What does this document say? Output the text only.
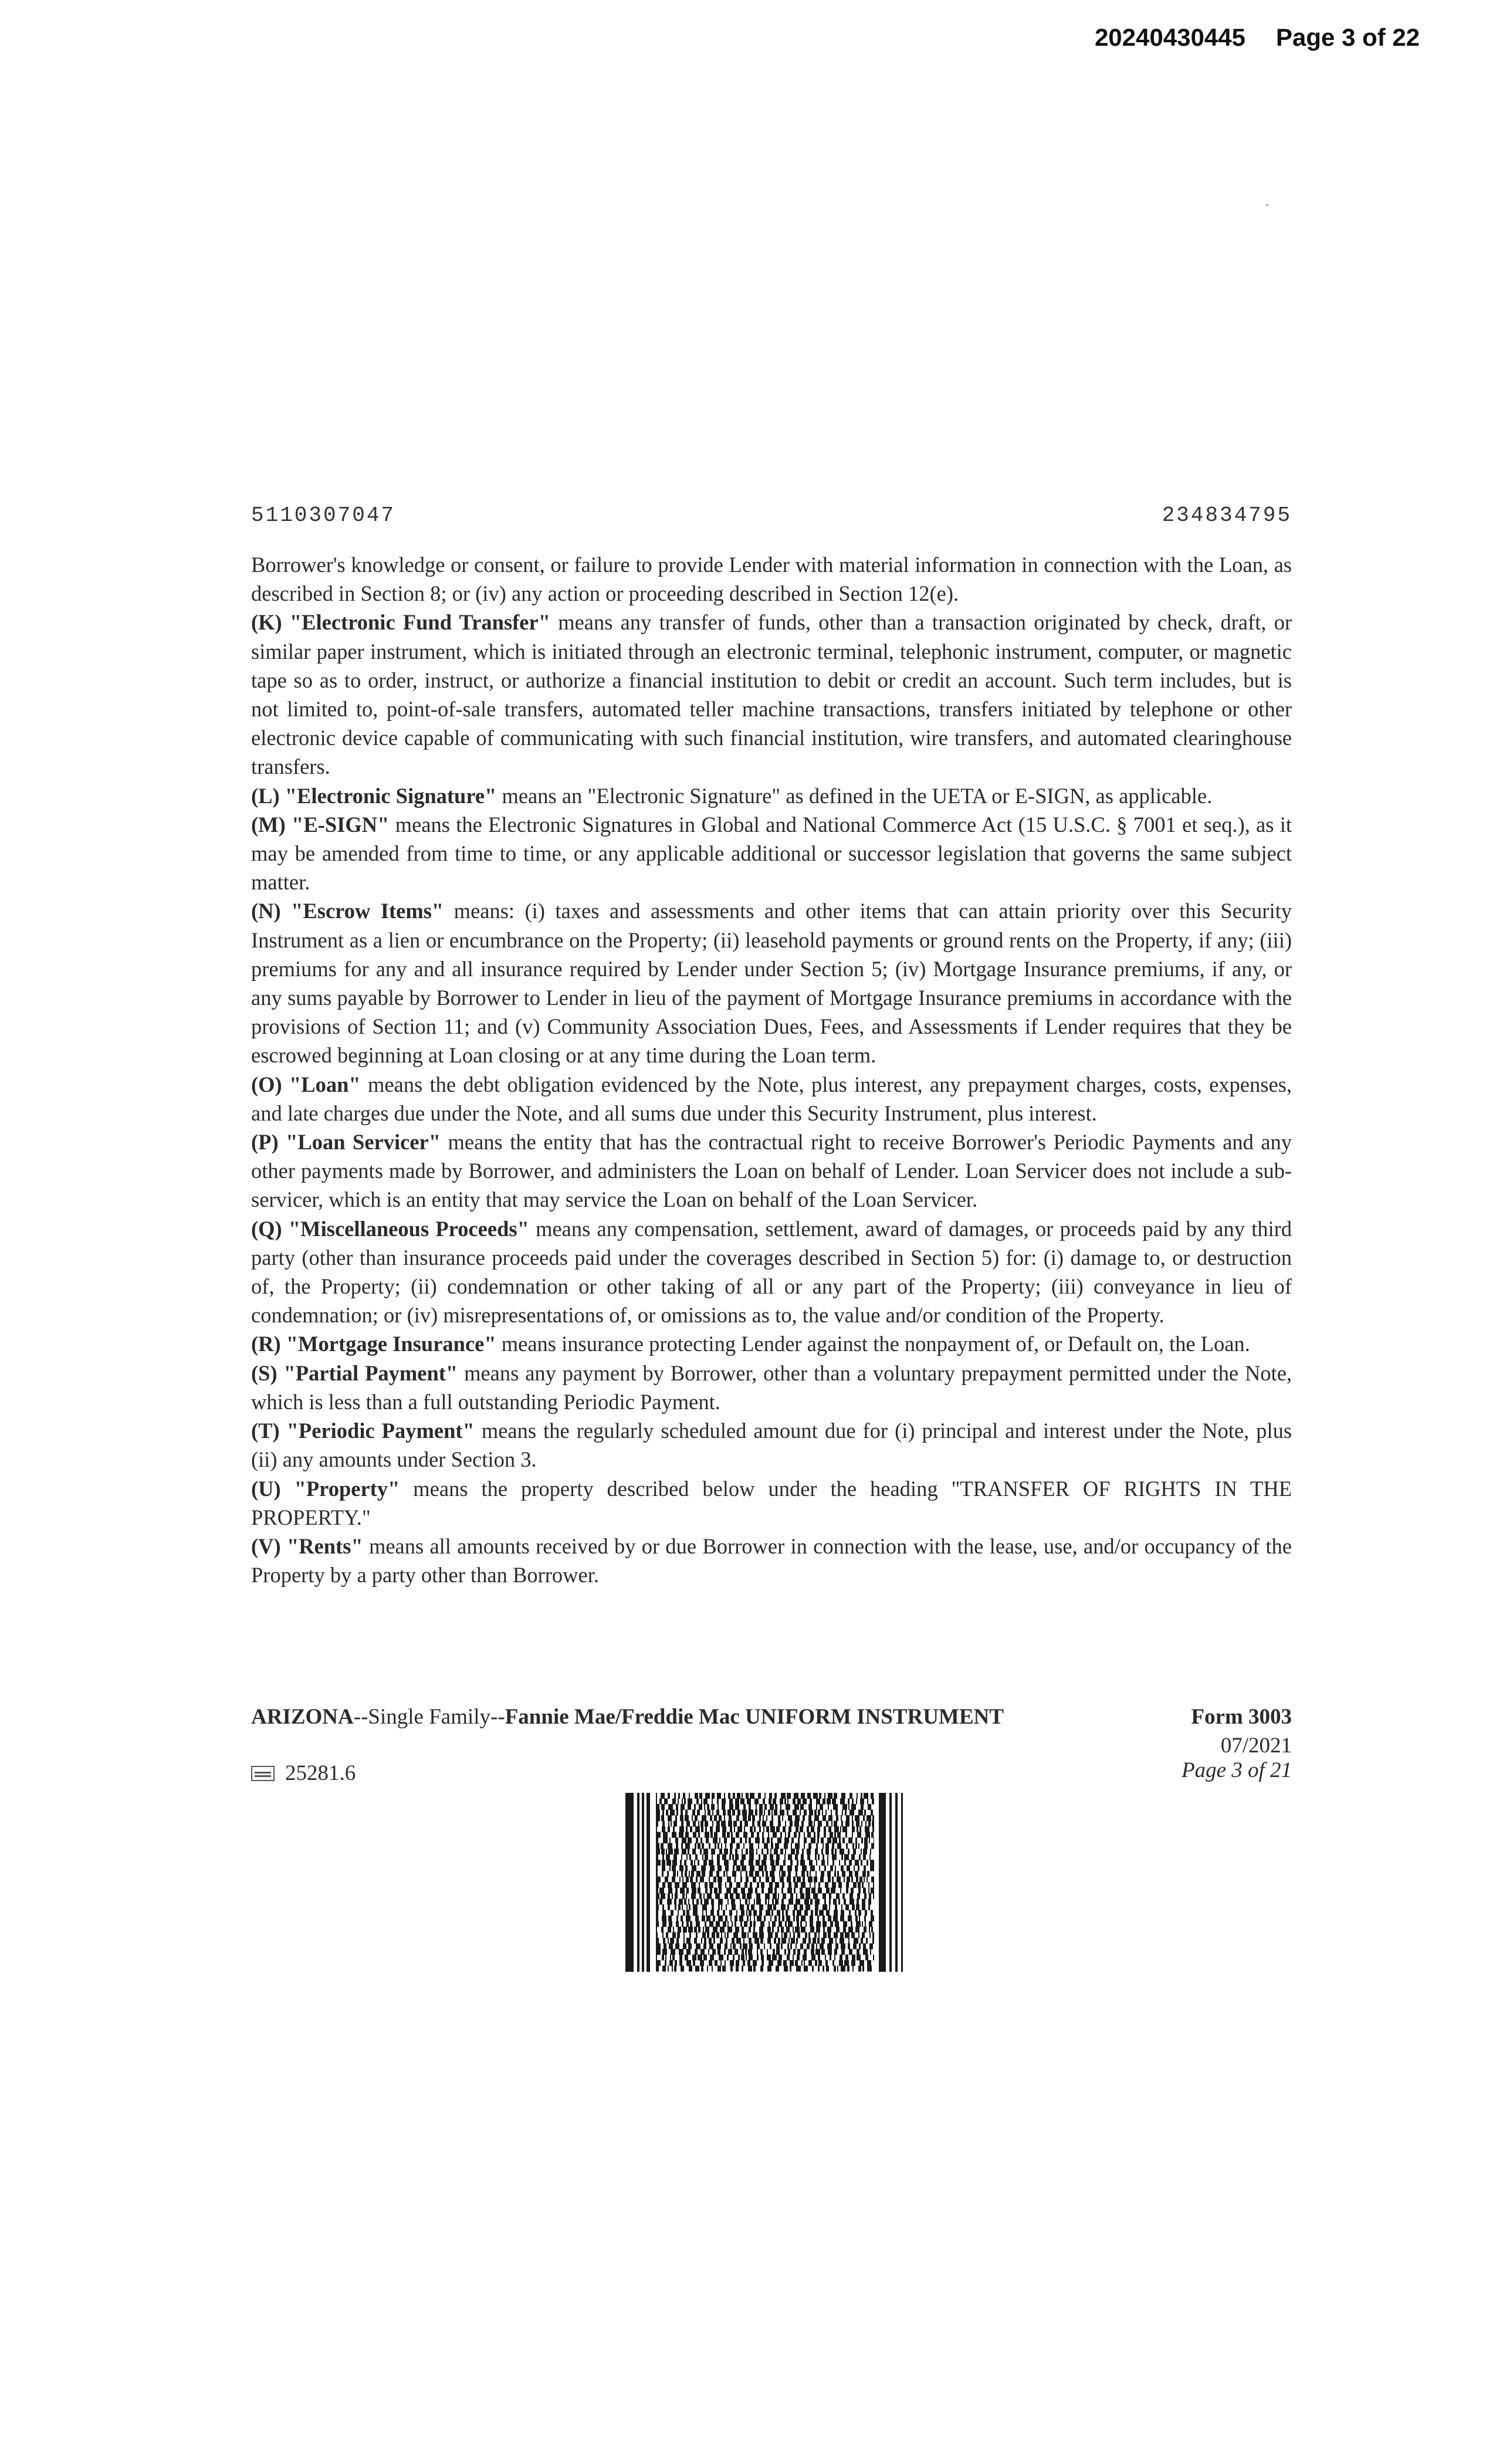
20240430445 Page 3 of 22
5110307047	234834795

Borrower's knowledge or consent, or failure to provide Lender with material information in connection with the Loan, as described in Section 8; or (iv) any action or proceeding described in Section 12(e).

(K) "Electronic Fund Transfer" means any transfer of funds, other than a transaction originated by check, draft, or similar paper instrument, which is initiated through an electronic terminal, telephonic instrument, computer, or magnetic tape so as to order, instruct, or authorize a financial institution to debit or credit an account. Such term includes, but is not limited to, point-of-sale transfers, automated teller machine transactions, transfers initiated by telephone or other electronic device capable of communicating with such financial institution, wire transfers, and automated clearinghouse transfers.

(L) "Electronic Signature" means an "Electronic Signature" as defined in the UETA or E-SIGN, as applicable.

(M) "E-SIGN" means the Electronic Signatures in Global and National Commerce Act (15 U.S.C. § 7001 et seq.), as it may be amended from time to time, or any applicable additional or successor legislation that governs the same subject matter.

(N) "Escrow Items" means: (i) taxes and assessments and other items that can attain priority over this Security Instrument as a lien or encumbrance on the Property; (ii) leasehold payments or ground rents on the Property, if any; (iii) premiums for any and all insurance required by Lender under Section 5; (iv) Mortgage Insurance premiums, if any, or any sums payable by Borrower to Lender in lieu of the payment of Mortgage Insurance premiums in accordance with the provisions of Section 11; and (v) Community Association Dues, Fees, and Assessments if Lender requires that they be escrowed beginning at Loan closing or at any time during the Loan term.

(O) "Loan" means the debt obligation evidenced by the Note, plus interest, any prepayment charges, costs, expenses, and late charges due under the Note, and all sums due under this Security Instrument, plus interest.

(P) "Loan Servicer" means the entity that has the contractual right to receive Borrower's Periodic Payments and any other payments made by Borrower, and administers the Loan on behalf of Lender. Loan Servicer does not include a sub-servicer, which is an entity that may service the Loan on behalf of the Loan Servicer.

(Q) "Miscellaneous Proceeds" means any compensation, settlement, award of damages, or proceeds paid by any third party (other than insurance proceeds paid under the coverages described in Section 5) for: (i) damage to, or destruction of, the Property; (ii) condemnation or other taking of all or any part of the Property; (iii) conveyance in lieu of condemnation; or (iv) misrepresentations of, or omissions as to, the value and/or condition of the Property.

(R) "Mortgage Insurance" means insurance protecting Lender against the nonpayment of, or Default on, the Loan.

(S) "Partial Payment" means any payment by Borrower, other than a voluntary prepayment permitted under the Note, which is less than a full outstanding Periodic Payment.

(T) "Periodic Payment" means the regularly scheduled amount due for (i) principal and interest under the Note, plus (ii) any amounts under Section 3.

(U) "Property" means the property described below under the heading "TRANSFER OF RIGHTS IN THE PROPERTY."

(V) "Rents" means all amounts received by or due Borrower in connection with the lease, use, and/or occupancy of the Property by a party other than Borrower.

ARIZONA--Single Family--Fannie Mae/Freddie Mac UNIFORM INSTRUMENT	Form 3003
07/2021
Page 3 of 21
25281.6
